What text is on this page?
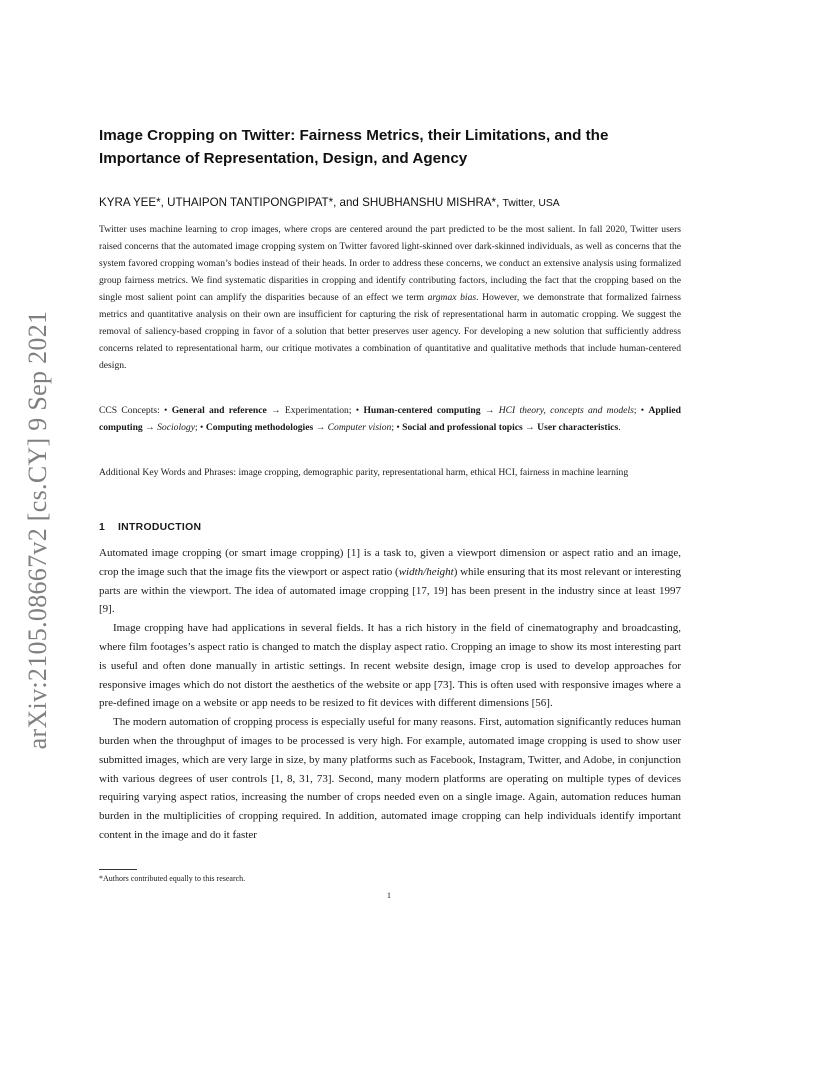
arXiv:2105.08667v2 [cs.CY] 9 Sep 2021
Image Cropping on Twitter: Fairness Metrics, their Limitations, and the
Importance of Representation, Design, and Agency
KYRA YEE*, UTHAIPON TANTIPONGPIPAT*, and SHUBHANSHU MISHRA*, Twitter, USA

Twitter uses machine learning to crop images, where crops are centered around the part predicted to be the most salient. In fall 2020, Twitter users raised concerns that the automated image cropping system on Twitter favored light-skinned over dark-skinned individuals, as well as concerns that the system favored cropping woman’s bodies instead of their heads. In order to address these concerns, we conduct an extensive analysis using formalized group fairness metrics. We find systematic disparities in cropping and identify contributing factors, including the fact that the cropping based on the single most salient point can amplify the disparities because of an effect we term argmax bias. However, we demonstrate that formalized fairness metrics and quantitative analysis on their own are insufficient for capturing the risk of representational harm in automatic cropping. We suggest the removal of saliency-based cropping in favor of a solution that better preserves user agency. For developing a new solution that sufficiently address concerns related to representational harm, our critique motivates a combination of quantitative and qualitative methods that include human-centered design.

CCS Concepts: • General and reference → Experimentation; • Human-centered computing → HCI theory, concepts and models; • Applied computing → Sociology; • Computing methodologies → Computer vision; • Social and professional topics → User characteristics.

Additional Key Words and Phrases: image cropping, demographic parity, representational harm, ethical HCI, fairness in machine learning

1 INTRODUCTION

Automated image cropping (or smart image cropping) [1] is a task to, given a viewport dimension or aspect ratio and an image, crop the image such that the image fits the viewport or aspect ratio (width/height) while ensuring that its most relevant or interesting parts are within the viewport. The idea of automated image cropping [17, 19] has been present in the industry since at least 1997 [9].

Image cropping have had applications in several fields. It has a rich history in the field of cinematography and broadcasting, where film footages’s aspect ratio is changed to match the display aspect ratio. Cropping an image to show its most interesting part is useful and often done manually in artistic settings. In recent website design, image crop is used to develop approaches for responsive images which do not distort the aesthetics of the website or app [73]. This is often used with responsive images where a pre-defined image on a website or app needs to be resized to fit devices with different dimensions [56].

The modern automation of cropping process is especially useful for many reasons. First, automation significantly reduces human burden when the throughput of images to be processed is very high. For example, automated image cropping is used to show user submitted images, which are very large in size, by many platforms such as Facebook, Instagram, Twitter, and Adobe, in conjunction with various degrees of user controls [1, 8, 31, 73]. Second, many modern platforms are operating on multiple types of devices requiring varying aspect ratios, increasing the number of crops needed even on a single image. Again, automation reduces human burden in the multiplicities of cropping required. In addition, automated image cropping can help individuals identify important content in the image and do it faster

*Authors contributed equally to this research.
1
